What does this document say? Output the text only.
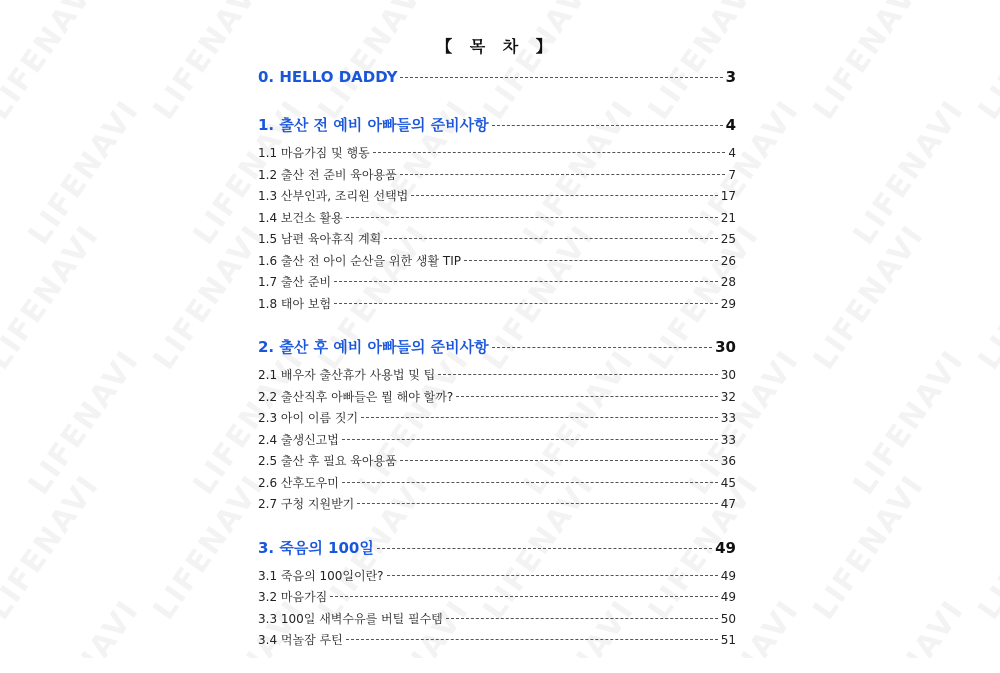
【 목 차 】
0. HELLO DADDY	3
1. 출산 전 예비 아빠들의 준비사항	4
1.1 마음가짐 및 행동	4
1.2 출산 전 준비 육아용품	7
1.3 산부인과, 조리원 선택법	17
1.4 보건소 활용	21
1.5 남편 육아휴직 계획	25
1.6 출산 전 아이 순산을 위한 생활 TIP	26
1.7 출산 준비	28
1.8 태아 보험	29
2. 출산 후 예비 아빠들의 준비사항	30
2.1 배우자 출산휴가 사용법 및 팁	30
2.2 출산직후 아빠들은 뭘 해야 할까?	32
2.3 아이 이름 짓기	33
2.4 출생신고법	33
2.5 출산 후 필요 육아용품	36
2.6 산후도우미	45
2.7 구청 지원받기	47
3. 죽음의 100일	49
3.1 죽음의 100일이란?	49
3.2 마음가짐	49
3.3 100일 새벽수유를 버틸 필수템	50
3.4 먹놀잠 루틴	51
